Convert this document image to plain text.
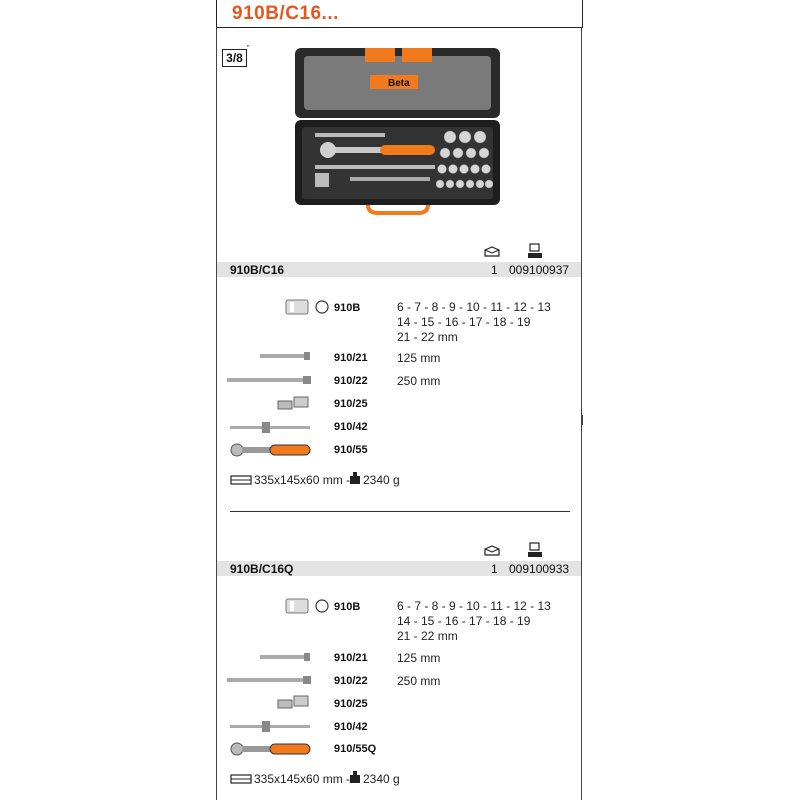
910B/C16...
3/8
"
Beta
910B/C16	1 009100937
910B	6 - 7 - 8 - 9 - 10 - 11 - 12 - 13
14 - 15 - 16 - 17 - 18 - 19
21 - 22 mm
910/21 125 mm
910/22 250 mm
910/25
910/42
910/55
335x145x60 mm - 2340 g
910B/C16Q	1 009100933
910B	6 - 7 - 8 - 9 - 10 - 11 - 12 - 13
14 - 15 - 16 - 17 - 18 - 19
21 - 22 mm
910/21 125 mm
910/22 250 mm
910/25
910/42
910/55Q
335x145x60 mm - 2340 g
